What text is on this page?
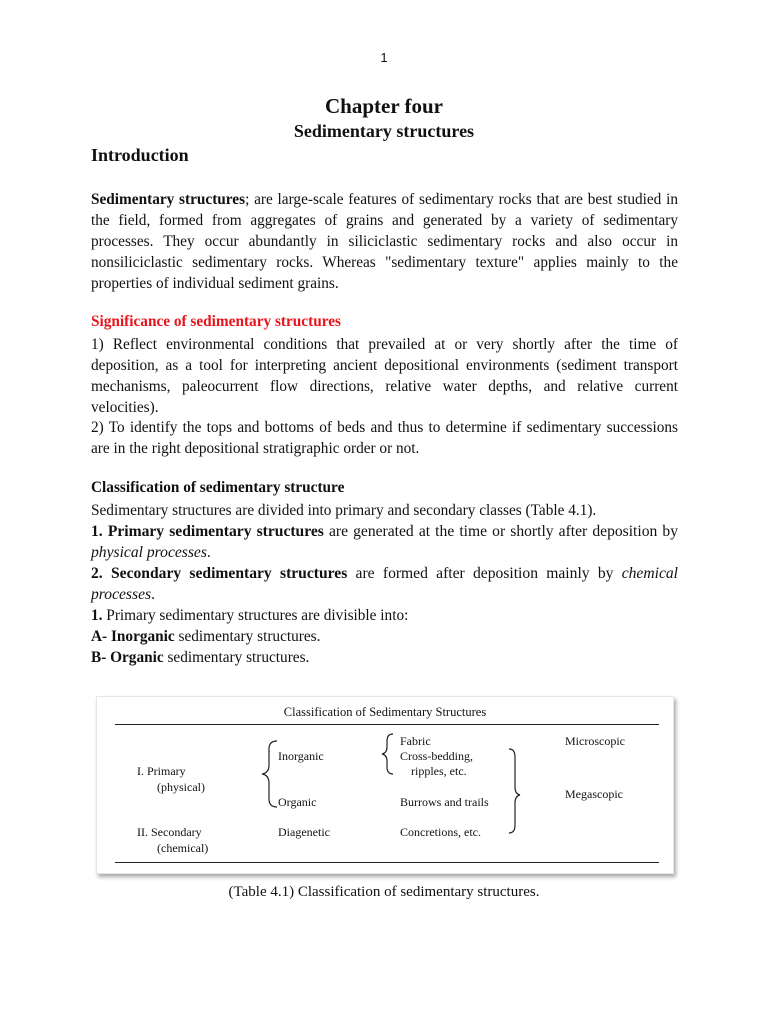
1
Chapter four
Sedimentary structures
Introduction

Sedimentary structures; are large-scale features of sedimentary rocks that are best studied in the field, formed from aggregates of grains and generated by a variety of sedimentary processes. They occur abundantly in siliciclastic sedimentary rocks and also occur in nonsiliciclastic sedimentary rocks. Whereas "sedimentary texture" applies mainly to the properties of individual sediment grains.

Significance of sedimentary structures

1) Reflect environmental conditions that prevailed at or very shortly after the time of deposition, as a tool for interpreting ancient depositional environments (sediment transport mechanisms, paleocurrent flow directions, relative water depths, and relative current velocities).

2) To identify the tops and bottoms of beds and thus to determine if sedimentary successions are in the right depositional stratigraphic order or not.

Classification of sedimentary structure

Sedimentary structures are divided into primary and secondary classes (Table 4.1).

1. Primary sedimentary structures are generated at the time or shortly after deposition by physical processes.

2. Secondary sedimentary structures are formed after deposition mainly by chemical processes.

1. Primary sedimentary structures are divisible into:
A- Inorganic sedimentary structures.
B- Organic sedimentary structures.
Classification of Sedimentary Structures
I. Primary
(physical)
Inorganic
Organic
Fabric
Cross-bedding,
ripples, etc.
Burrows and trails
Microscopic
Megascopic
II. Secondary
(chemical)
Diagenetic	Concretions, etc.
(Table 4.1) Classification of sedimentary structures.
